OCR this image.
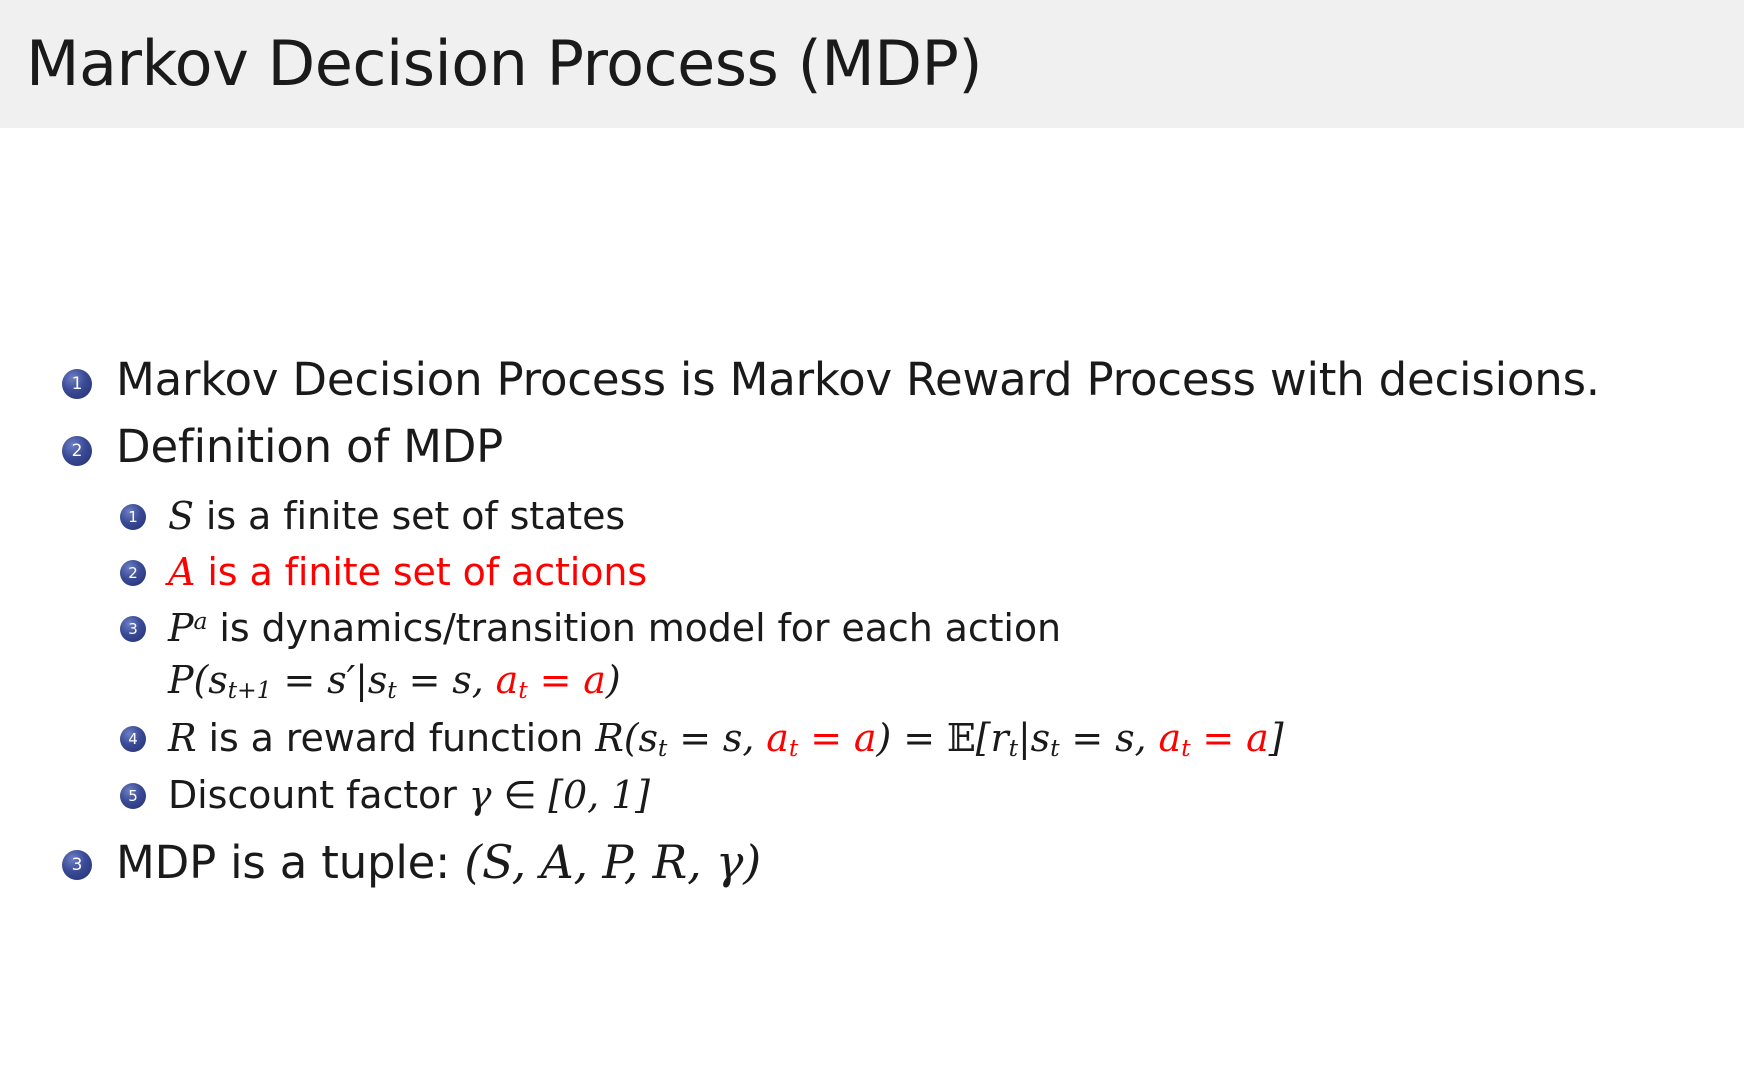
Markov Decision Process (MDP)
1 Markov Decision Process is Markov Reward Process with decisions.
2 Definition of MDP
1 S is a finite set of states
2 A is a finite set of actions
3 $P^a$ is dynamics/transition model for each action
$P(s_{t+1} = s'|s_t = s$, $a_t = a$)
4 R is a reward function $R(s_t = s$, $a_t = a$) = $𝔼[r_t|s_t = s$, $a_t = a$]
5 Discount factor γ ∈ [0, 1]
3 MDP is a tuple: (S, A, P, R, γ)
